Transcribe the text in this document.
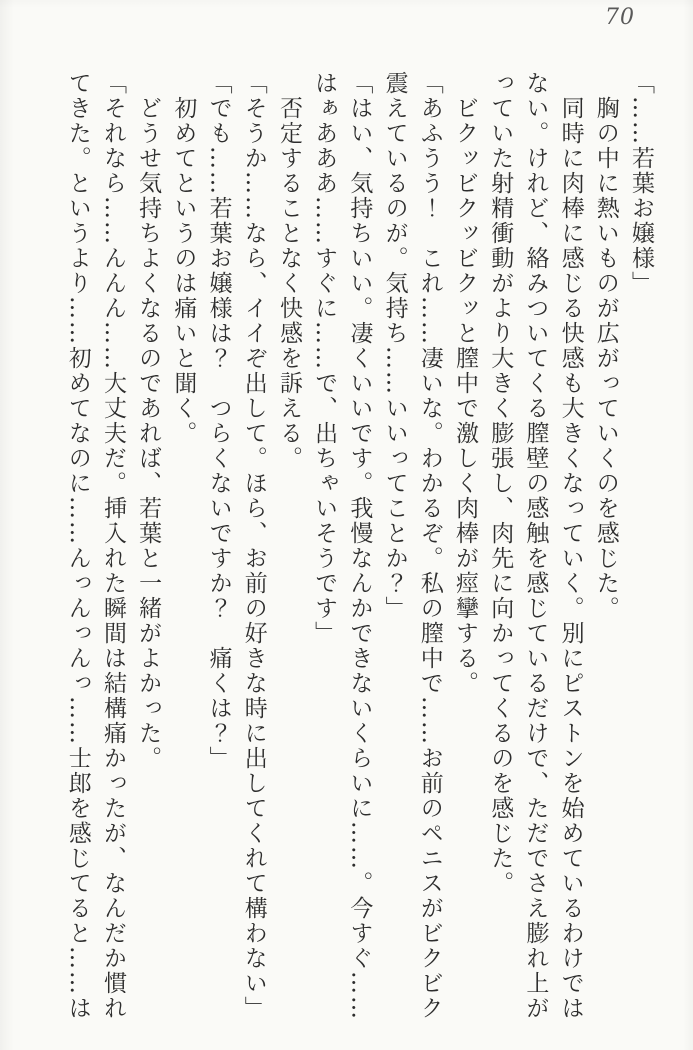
70

「……若葉お嬢様」

　胸の中に熱いものが広がっていくのを感じた。

　同時に肉棒に感じる快感も大きくなっていく。別にピストンを始めているわけでは

ない。けれど、絡みついてくる膣壁の感触を感じているだけで、ただでさえ膨れ上が

っていた射精衝動がより大きく膨張し、肉先に向かってくるのを感じた。

　ビクッビクッビクッと膣中で激しく肉棒が痙攣する。

「あふうう！　これ……凄いな。わかるぞ。私の膣中で……お前のペニスがビクビク

震えているのが。気持ち……いいってことか？」

「はい、気持ちいい。凄くいいです。我慢なんかできないくらいに……。今すぐ……

はぁあああ……すぐに……で、出ちゃいそうです」

　否定することなく快感を訴える。

「そうか……なら、イイぞ出して。ほら、お前の好きな時に出してくれて構わない」

「でも……若葉お嬢様は？　つらくないですか？　痛くは？」

　初めてというのは痛いと聞く。

　どうせ気持ちよくなるのであれば、若葉と一緒がよかった。

「それなら……んんん……大丈夫だ。挿入れた瞬間は結構痛かったが、なんだか慣れ

てきた。というより……初めてなのに……んっんっんっ……士郎を感じてると……は
